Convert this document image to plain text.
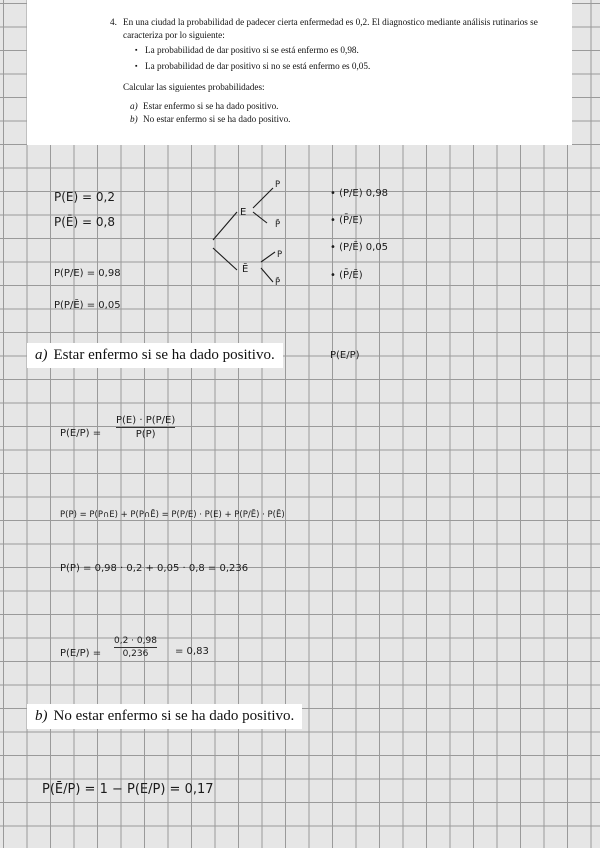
4. En una ciudad la probabilidad de padecer cierta enfermedad es 0,2. El diagnostico mediante análisis rutinarios se caracteriza por lo siguiente:
▪ La probabilidad de dar positivo si se está enfermo es 0,98.
▪ La probabilidad de dar positivo si no se está enfermo es 0,05.
Calcular las siguientes probabilidades:
a) Estar enfermo si se ha dado positivo.
b) No estar enfermo si se ha dado positivo.
P(E) = 0,2
P(Ē) = 0,8
P(P/E) = 0,98
P(P/Ē) = 0,05
E
Ē
P
P̄
P
P̄
• (P/E) 0,98
• (P̄/E)
• (P/Ē) 0,05
• (P̄/Ē)
a) Estar enfermo si se ha dado positivo.	P(E/P)
P(E/P) =
P(E) · P(P/E)
P(P)
P(P) = P(P∩E) + P(P∩Ē) = P(P/E) · P(E) + P(P/Ē) · P(Ē)
P(P) = 0,98 · 0,2 + 0,05 · 0,8 = 0,236
P(E/P) =
0,2 · 0,98
0,236	= 0,83
b) No estar enfermo si se ha dado positivo.
P(Ē/P) = 1 − P(E/P) = 0,17
